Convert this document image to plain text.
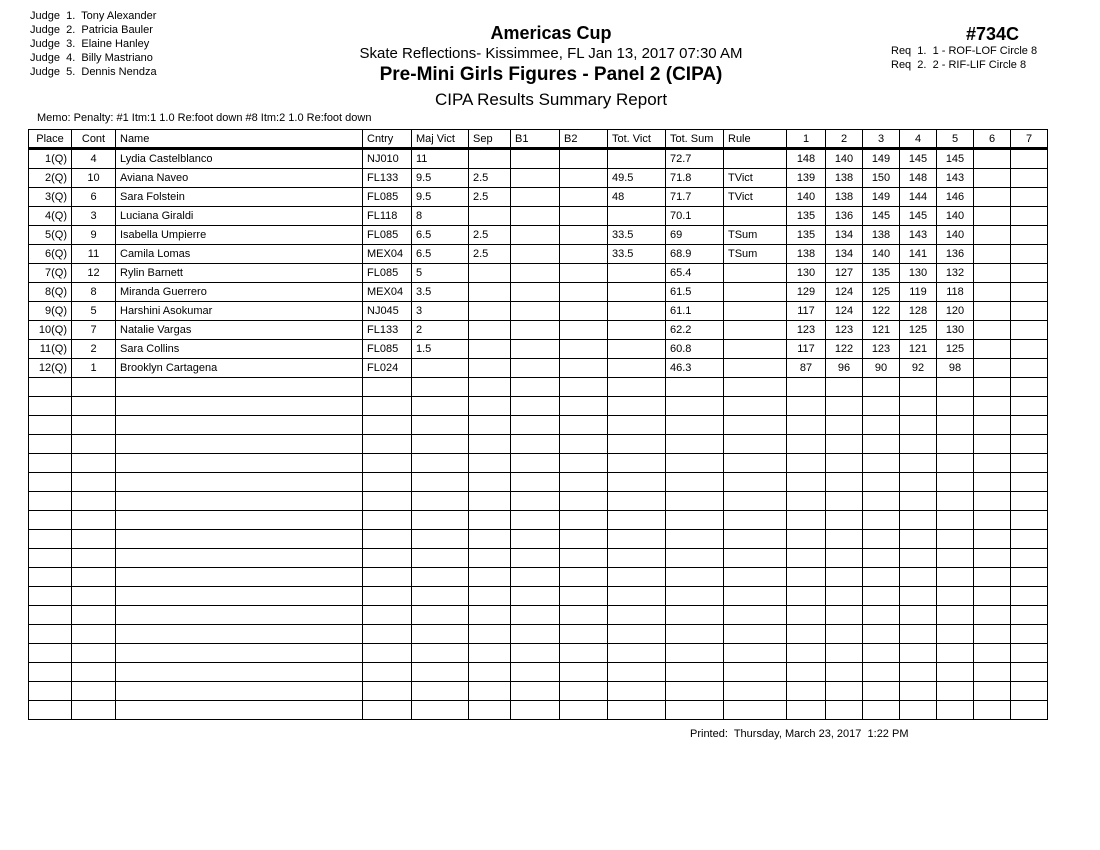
Judge  1.  Tony Alexander
Judge  2.  Patricia Bauler
Judge  3.  Elaine Hanley
Judge  4.  Billy Mastriano
Judge  5.  Dennis Nendza
Americas Cup
Skate Reflections- Kissimmee, FL Jan 13, 2017 07:30 AM
Pre-Mini Girls Figures - Panel 2 (CIPA)
CIPA Results Summary Report
#734C
Req  1.  1 - ROF-LOF Circle 8
Req  2.  2 - RIF-LIF Circle 8
Memo: Penalty: #1 Itm:1 1.0 Re:foot down #8 Itm:2 1.0 Re:foot down
Place	Cont	Name	Cntry	Maj Vict	Sep	B1	B2	Tot. Vict	Tot. Sum	Rule	1	2	3	4	5	6	7
1(Q)	4	Lydia Castelblanco	NJ010	11					72.7		148	140	149	145	145		
2(Q)	10	Aviana Naveo	FL133	9.5	2.5			49.5	71.8	TVict	139	138	150	148	143		
3(Q)	6	Sara Folstein	FL085	9.5	2.5			48	71.7	TVict	140	138	149	144	146		
4(Q)	3	Luciana Giraldi	FL118	8					70.1		135	136	145	145	140		
5(Q)	9	Isabella Umpierre	FL085	6.5	2.5			33.5	69	TSum	135	134	138	143	140		
6(Q)	11	Camila Lomas	MEX04	6.5	2.5			33.5	68.9	TSum	138	134	140	141	136		
7(Q)	12	Rylin Barnett	FL085	5					65.4		130	127	135	130	132		
8(Q)	8	Miranda Guerrero	MEX04	3.5					61.5		129	124	125	119	118		
9(Q)	5	Harshini Asokumar	NJ045	3					61.1		117	124	122	128	120		
10(Q)	7	Natalie Vargas	FL133	2					62.2		123	123	121	125	130		
11(Q)	2	Sara Collins	FL085	1.5					60.8		117	122	123	121	125		
12(Q)	1	Brooklyn Cartagena	FL024						46.3		87	96	90	92	98		

Printed:  Thursday, March 23, 2017  1:22 PM
